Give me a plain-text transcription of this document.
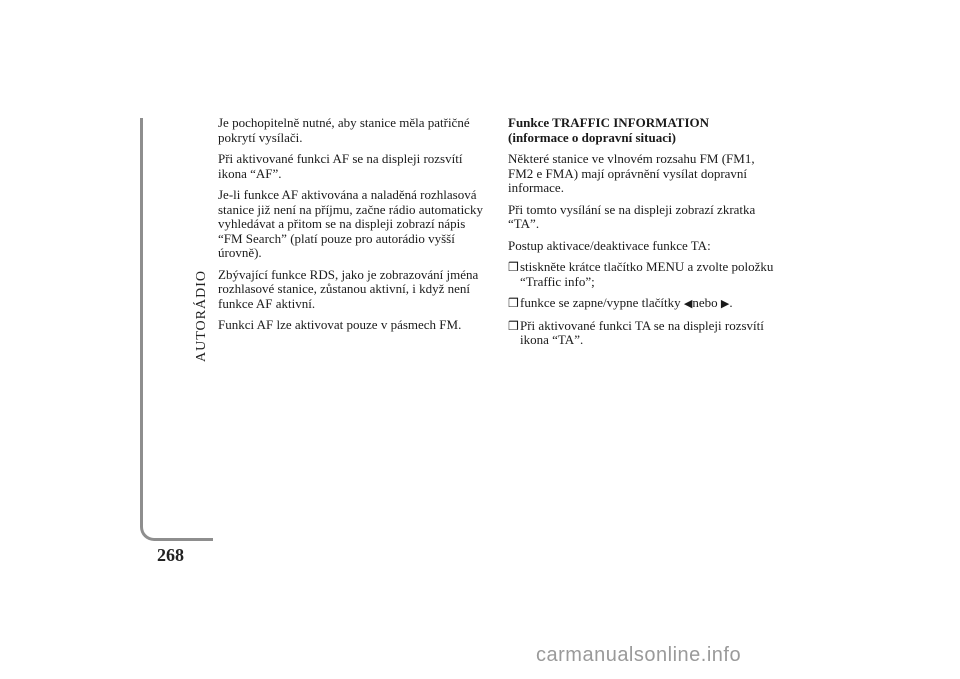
AUTORÁDIO
268

Je pochopitelně nutné, aby stanice měla patřičné pokrytí vysílači.

Při aktivované funkci AF se na displeji rozsvítí ikona “AF”.

Je-li funkce AF aktivována a naladěná rozhlasová stanice již není na příjmu, začne rádio automaticky vyhledávat a přitom se na displeji zobrazí nápis “FM Search” (platí pouze pro autorádio vyšší úrovně).

Zbývající funkce RDS, jako je zobrazování jména rozhlasové stanice, zůstanou aktivní, i když není funkce AF aktivní.

Funkci AF lze aktivovat pouze v pásmech FM.

Funkce TRAFFIC INFORMATION
(informace o dopravní situaci)

Některé stanice ve vlnovém rozsahu FM (FM1, FM2 e FMA) mají oprávnění vysílat dopravní informace.

Při tomto vysílání se na displeji zobrazí zkratka “TA”.

Postup aktivace/deaktivace funkce TA:

❒ stiskněte krátce tlačítko MENU a zvolte položku “Traffic info”;
❒ funkce se zapne/vypne tlačítky ◀nebo ▶.
❒ Při aktivované funkci TA se na displeji rozsvítí ikona “TA”.
carmanualsonline.info
